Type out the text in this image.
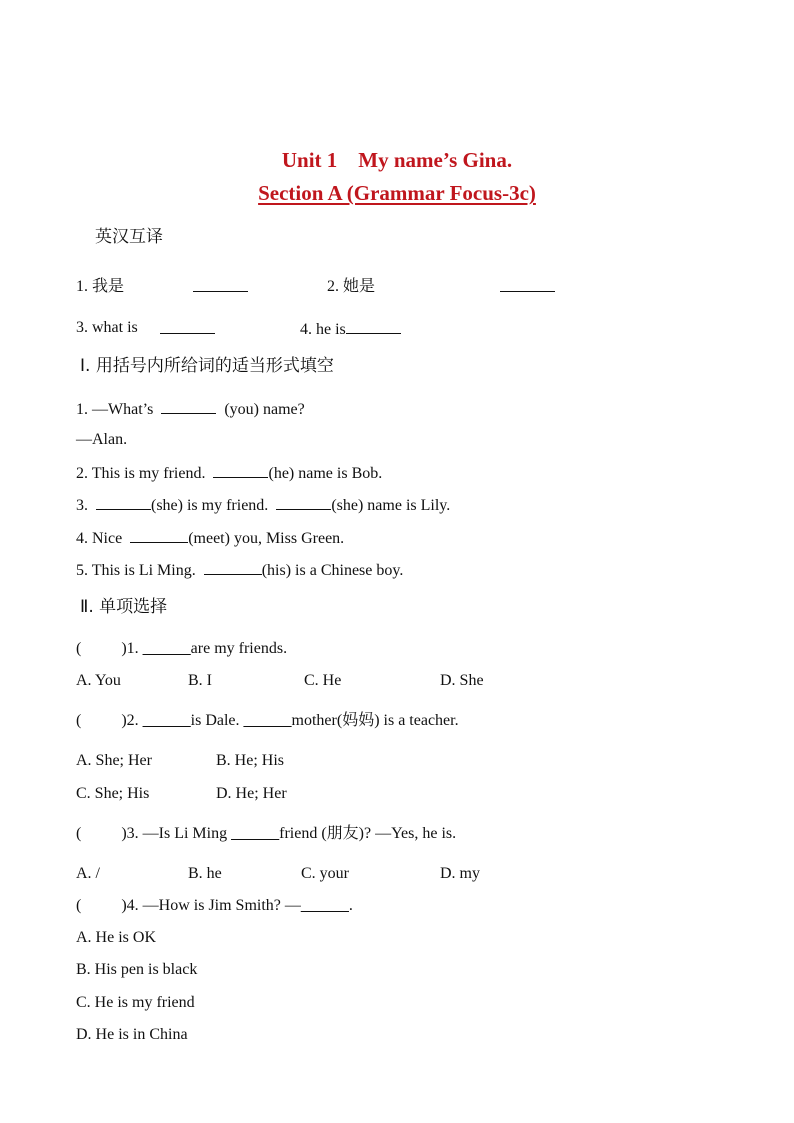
Unit 1    My name’s Gina.
Section A (Grammar Focus-3c)
英汉互译
1. 我是	2. 她是
3. what is	4. he is
Ⅰ. 用括号内所给词的适当形式填空
1. —What’s	(you) name?
—Alan.
2. This is my friend.	(he) name is Bob.
3.	(she) is my friend.	(she) name is Lily.
4. Nice	(meet) you, Miss Green.
5. This is Li Ming.	(his) is a Chinese boy.
Ⅱ. 单项选择
(          )1. ______are my friends.
A. You	B. I	C. He	D. She
(          )2. ______is Dale. ______mother(妈妈) is a teacher.
A. She; Her	B. He; His
C. She; His	D. He; Her
(          )3. —Is Li Ming ______friend (朋友)? —Yes, he is.
A. /	B. he	C. your	D. my
(          )4. —How is Jim Smith? —______.
A. He is OK
B. His pen is black
C. He is my friend
D. He is in China
